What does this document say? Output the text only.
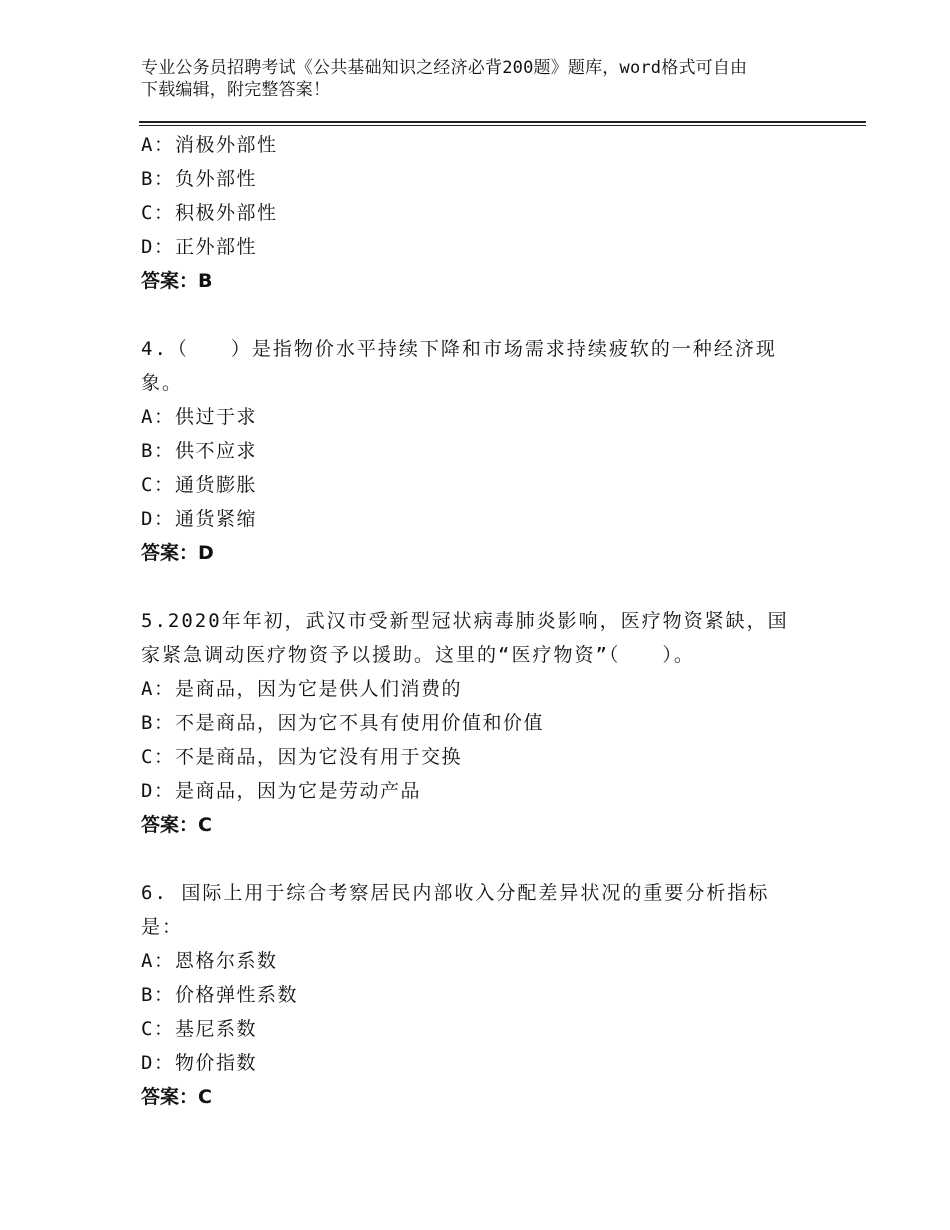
专业公务员招聘考试《公共基础知识之经济必背200题》题库，word格式可自由
下载编辑，附完整答案！
A：消极外部性
B：负外部性
C：积极外部性
D：正外部性
答案：B
4.（　　）是指物价水平持续下降和市场需求持续疲软的一种经济现
象。
A：供过于求
B：供不应求
C：通货膨胀
D：通货紧缩
答案：D
5.2020年年初，武汉市受新型冠状病毒肺炎影响，医疗物资紧缺，国
家紧急调动医疗物资予以援助。这里的“医疗物资”（　　）。
A：是商品，因为它是供人们消费的
B：不是商品，因为它不具有使用价值和价值
C：不是商品，因为它没有用于交换
D：是商品，因为它是劳动产品
答案：C
6. 国际上用于综合考察居民内部收入分配差异状况的重要分析指标
是：
A：恩格尔系数
B：价格弹性系数
C：基尼系数
D：物价指数
答案：C
